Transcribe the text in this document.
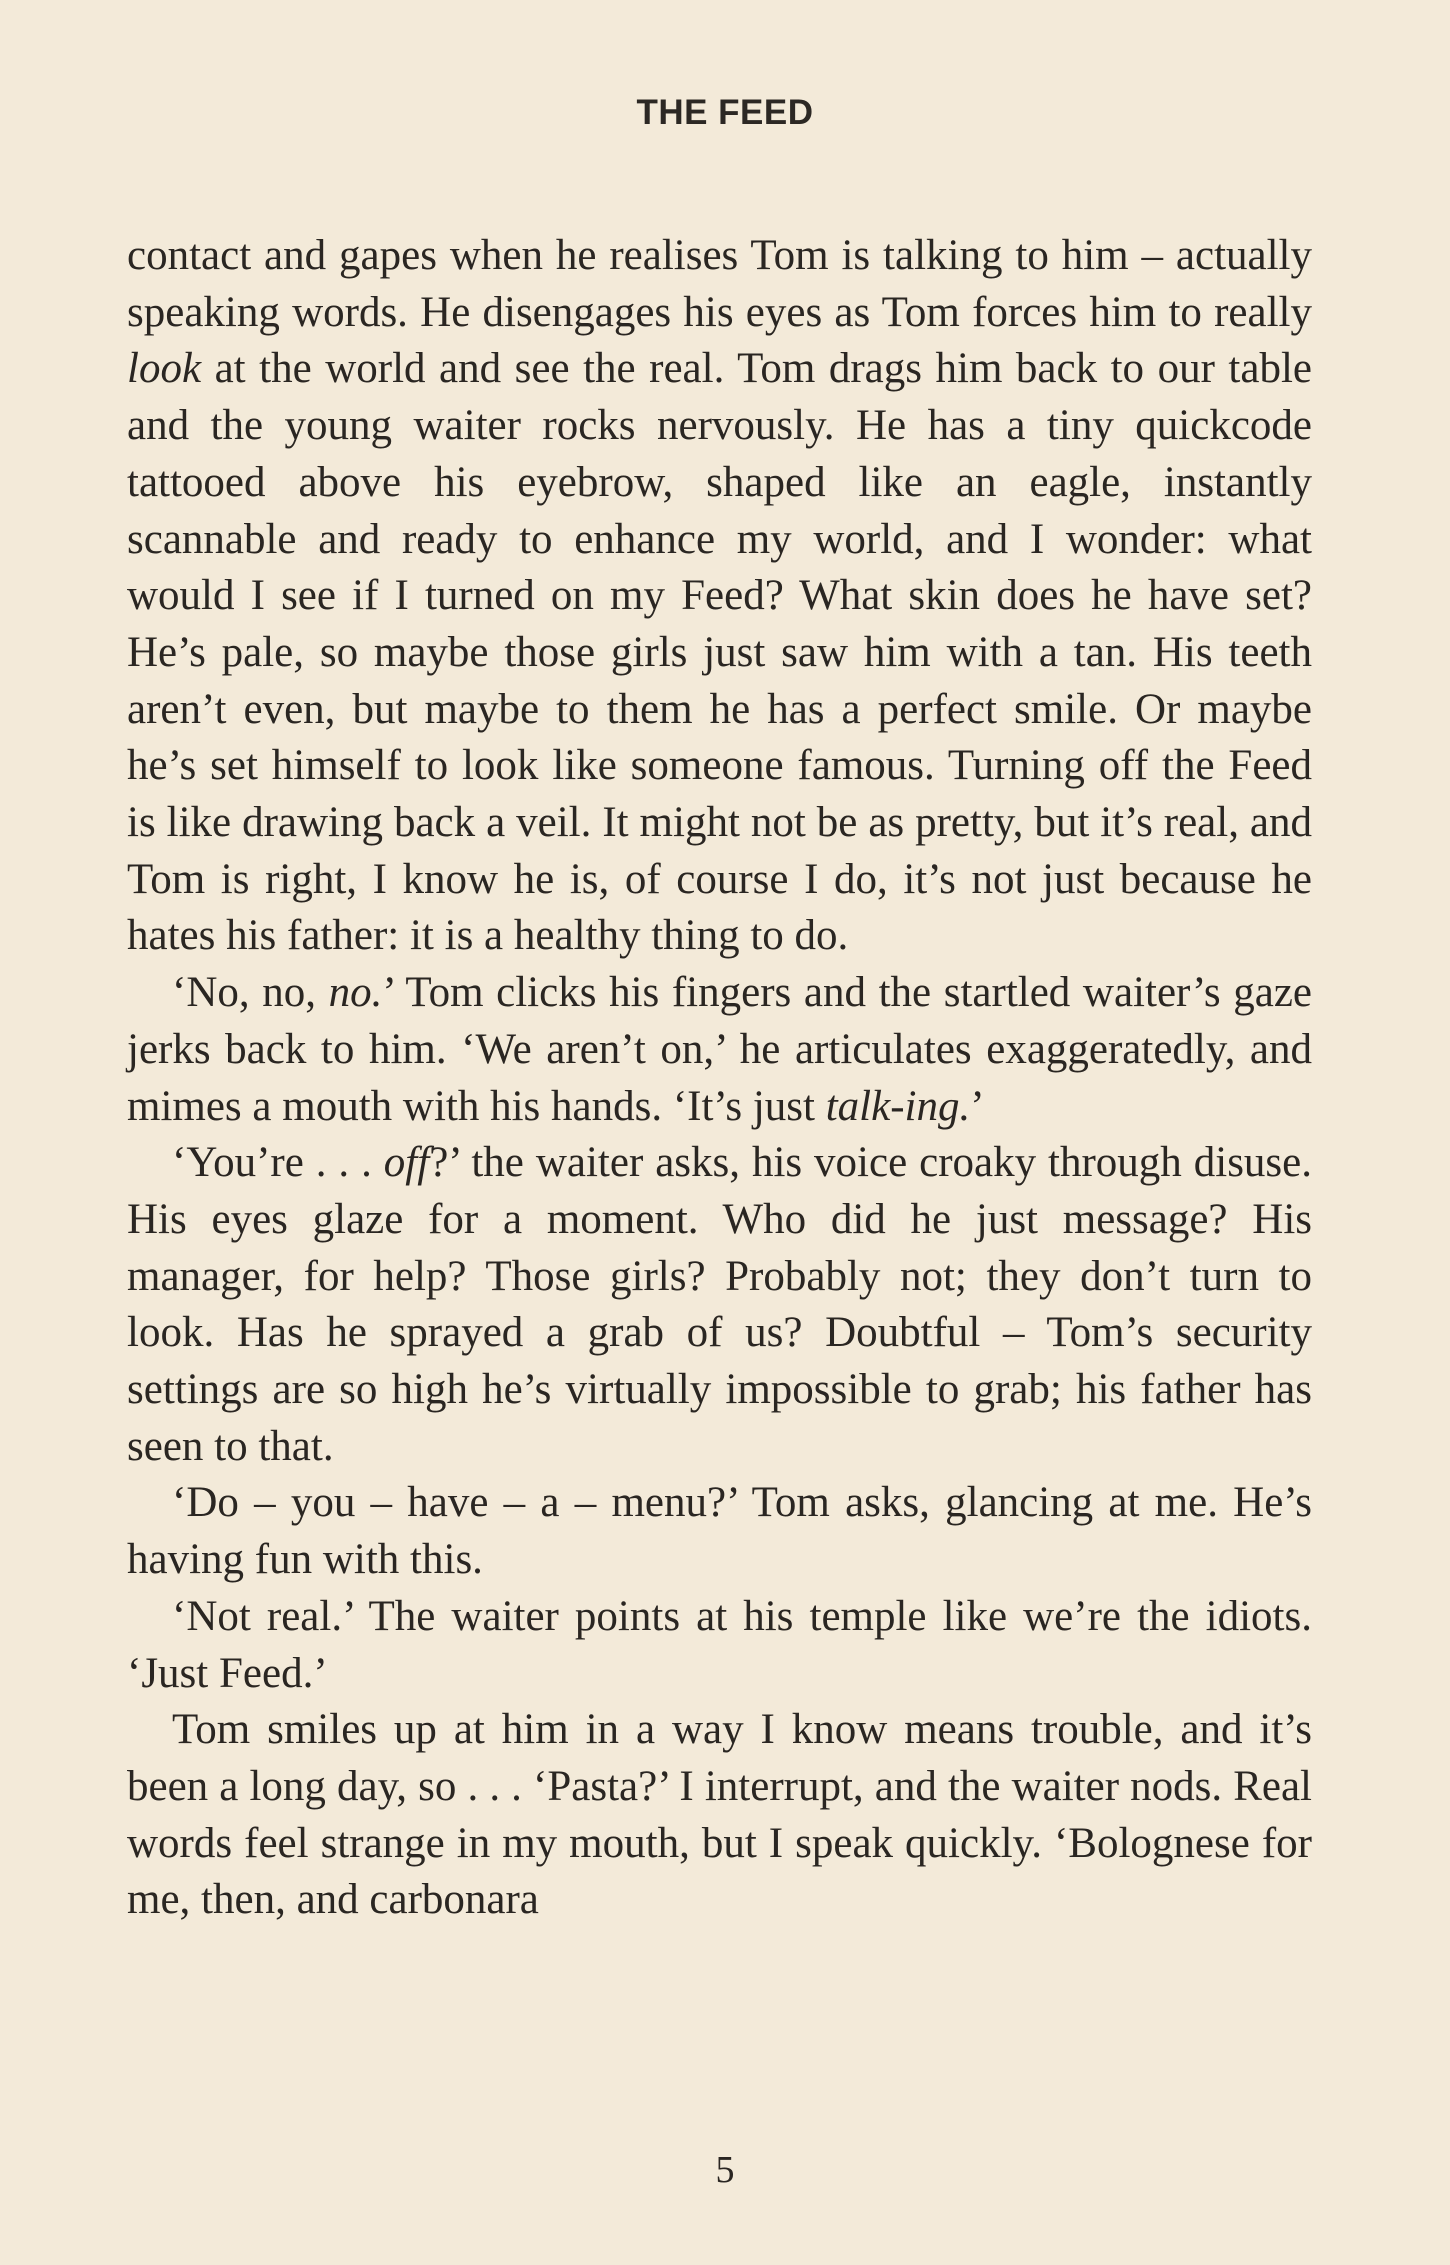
THE FEED

contact and gapes when he realises Tom is talking to him – actually speaking words. He disengages his eyes as Tom forces him to really look at the world and see the real. Tom drags him back to our table and the young waiter rocks nervously. He has a tiny quickcode tattooed above his eyebrow, shaped like an eagle, instantly scannable and ready to enhance my world, and I wonder: what would I see if I turned on my Feed? What skin does he have set? He’s pale, so maybe those girls just saw him with a tan. His teeth aren’t even, but maybe to them he has a perfect smile. Or maybe he’s set himself to look like someone famous. Turning off the Feed is like drawing back a veil. It might not be as pretty, but it’s real, and Tom is right, I know he is, of course I do, it’s not just because he hates his father: it is a healthy thing to do.

‘No, no, no.’ Tom clicks his fingers and the startled waiter’s gaze jerks back to him. ‘We aren’t on,’ he articulates exaggeratedly, and mimes a mouth with his hands. ‘It’s just talk-ing.’

‘You’re . . . off?’ the waiter asks, his voice croaky through disuse. His eyes glaze for a moment. Who did he just message? His manager, for help? Those girls? Probably not; they don’t turn to look. Has he sprayed a grab of us? Doubtful – Tom’s security settings are so high he’s virtually impossible to grab; his father has seen to that.

‘Do – you – have – a – menu?’ Tom asks, glancing at me. He’s having fun with this.

‘Not real.’ The waiter points at his temple like we’re the idiots. ‘Just Feed.’

Tom smiles up at him in a way I know means trouble, and it’s been a long day, so . . . ‘Pasta?’ I interrupt, and the waiter nods. Real words feel strange in my mouth, but I speak quickly. ‘Bolognese for me, then, and carbonara

5
